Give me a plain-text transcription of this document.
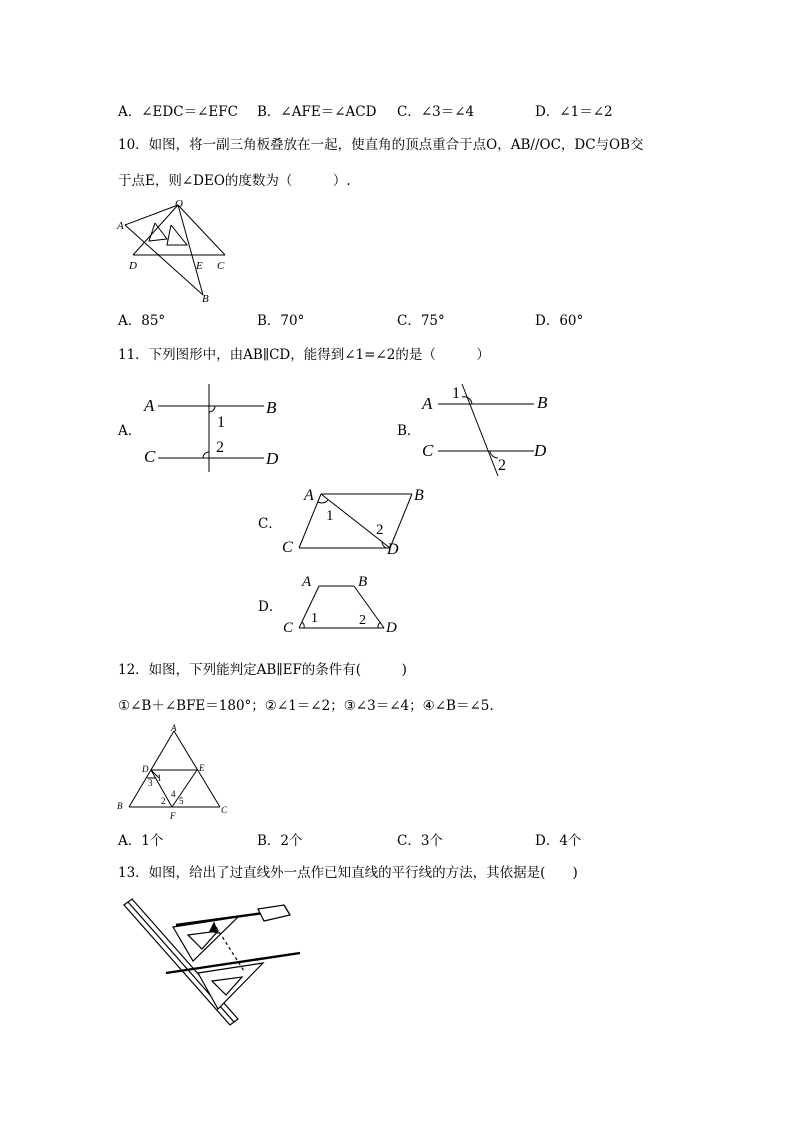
A．∠EDC＝∠EFC B．∠AFE＝∠ACD C．∠3＝∠4	D．∠1＝∠2
10．如图，将一副三角板叠放在一起，使直角的顶点重合于点O，AB//OC，DC与OB交
于点E，则∠DEO的度数为（　　　）.
O
A
D	E C
B
A．85°	B．70°	C．75°	D．60°
11．下列图形中，由AB∥CD，能得到∠1=∠2的是（　　　）
A．
A	B
C	D
1
2
B．
A	B
C	D
1
2
C．
A	B
C	D
1
2
D．
A	B
C	D
1	2
12．如图，下列能判定AB∥EF的条件有(　　　)
①∠B＋∠BFE＝180°；②∠1＝∠2；③∠3＝∠4；④∠B＝∠5.
A
B	C
D	E
F
1
2
3
4
5
A．1个	B．2个	C．3个	D．4个
13．如图，给出了过直线外一点作已知直线的平行线的方法，其依据是(　　)
